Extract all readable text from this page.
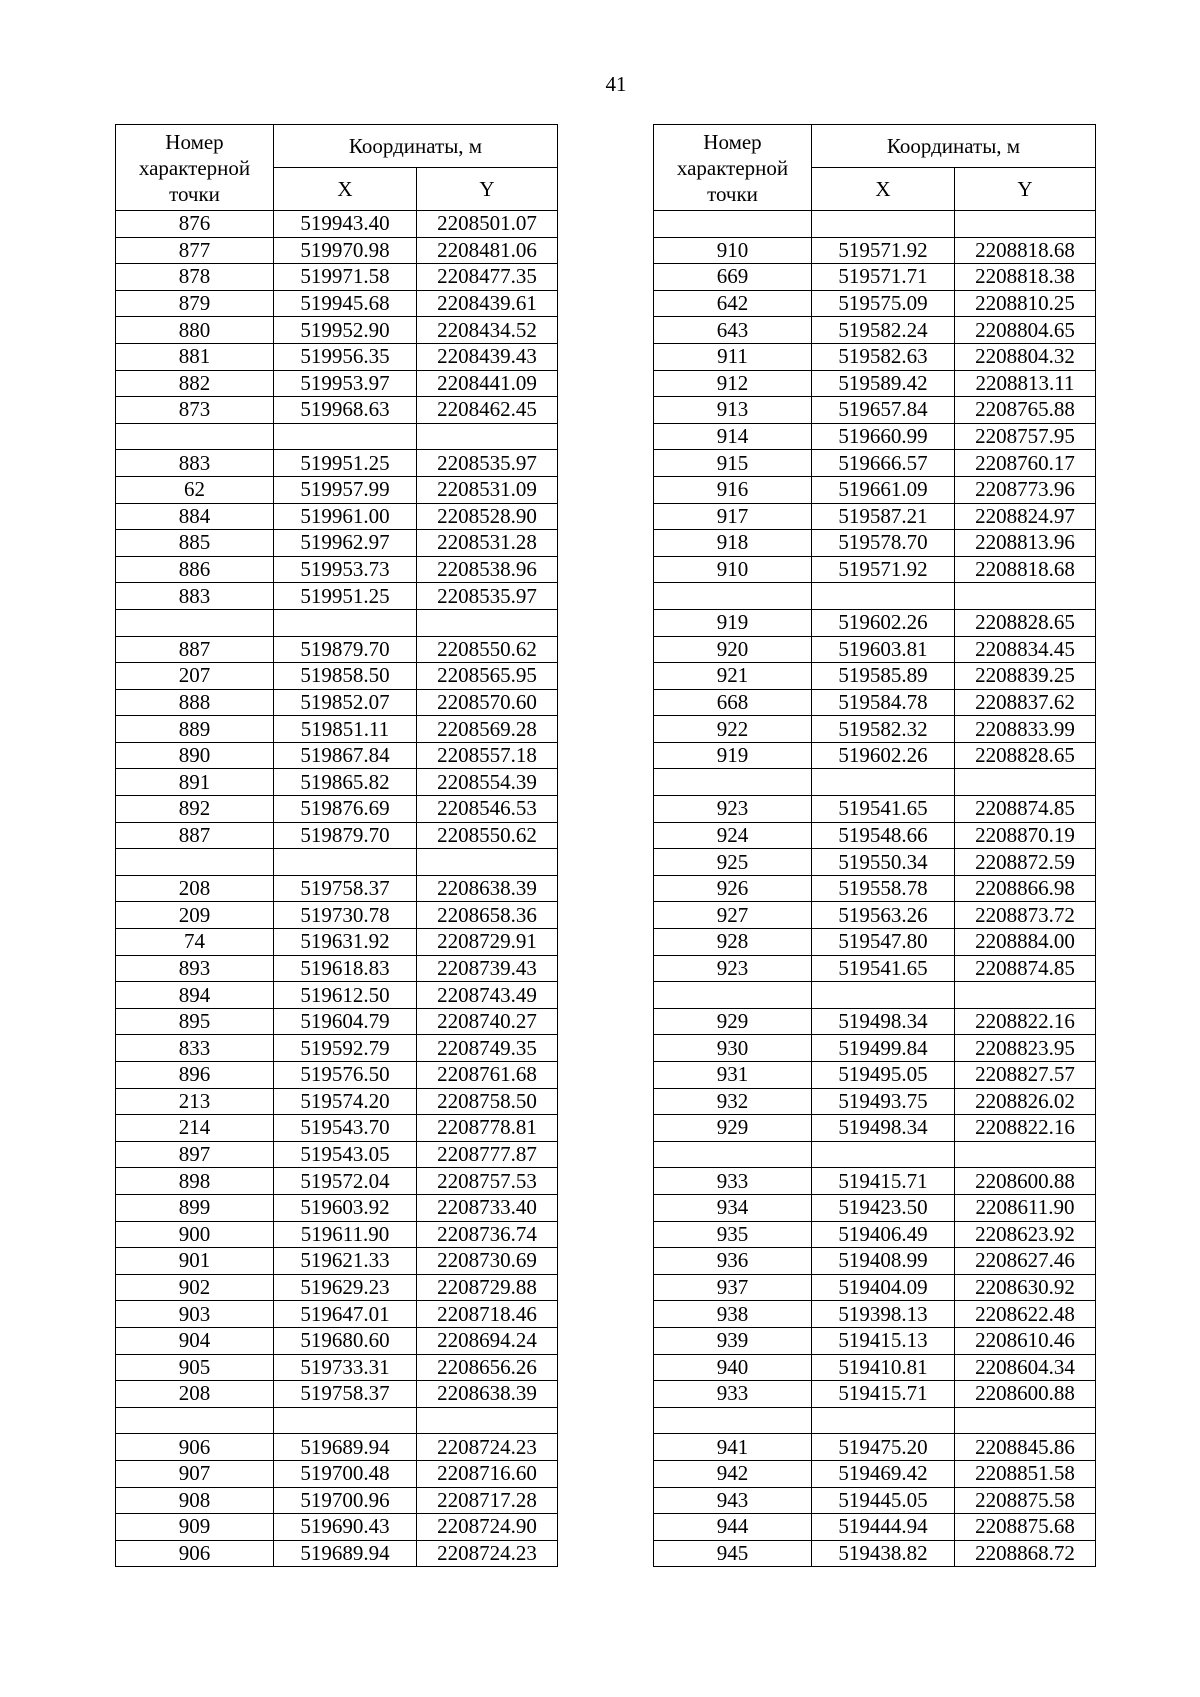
41
Номер характерной точки	Координаты, м	
	X	Y
876	519943.40	2208501.07
877	519970.98	2208481.06
878	519971.58	2208477.35
879	519945.68	2208439.61
880	519952.90	2208434.52
881	519956.35	2208439.43
882	519953.97	2208441.09
873	519968.63	2208462.45

883	519951.25	2208535.97
62	519957.99	2208531.09
884	519961.00	2208528.90
885	519962.97	2208531.28
886	519953.73	2208538.96
883	519951.25	2208535.97

887	519879.70	2208550.62
207	519858.50	2208565.95
888	519852.07	2208570.60
889	519851.11	2208569.28
890	519867.84	2208557.18
891	519865.82	2208554.39
892	519876.69	2208546.53
887	519879.70	2208550.62

208	519758.37	2208638.39
209	519730.78	2208658.36
74	519631.92	2208729.91
893	519618.83	2208739.43
894	519612.50	2208743.49
895	519604.79	2208740.27
833	519592.79	2208749.35
896	519576.50	2208761.68
213	519574.20	2208758.50
214	519543.70	2208778.81
897	519543.05	2208777.87
898	519572.04	2208757.53
899	519603.92	2208733.40
900	519611.90	2208736.74
901	519621.33	2208730.69
902	519629.23	2208729.88
903	519647.01	2208718.46
904	519680.60	2208694.24
905	519733.31	2208656.26
208	519758.37	2208638.39

906	519689.94	2208724.23
907	519700.48	2208716.60
908	519700.96	2208717.28
909	519690.43	2208724.90
906	519689.94	2208724.23
Номер характерной точки	Координаты, м	
	X	Y

910	519571.92	2208818.68
669	519571.71	2208818.38
642	519575.09	2208810.25
643	519582.24	2208804.65
911	519582.63	2208804.32
912	519589.42	2208813.11
913	519657.84	2208765.88
914	519660.99	2208757.95
915	519666.57	2208760.17
916	519661.09	2208773.96
917	519587.21	2208824.97
918	519578.70	2208813.96
910	519571.92	2208818.68

919	519602.26	2208828.65
920	519603.81	2208834.45
921	519585.89	2208839.25
668	519584.78	2208837.62
922	519582.32	2208833.99
919	519602.26	2208828.65

923	519541.65	2208874.85
924	519548.66	2208870.19
925	519550.34	2208872.59
926	519558.78	2208866.98
927	519563.26	2208873.72
928	519547.80	2208884.00
923	519541.65	2208874.85

929	519498.34	2208822.16
930	519499.84	2208823.95
931	519495.05	2208827.57
932	519493.75	2208826.02
929	519498.34	2208822.16

933	519415.71	2208600.88
934	519423.50	2208611.90
935	519406.49	2208623.92
936	519408.99	2208627.46
937	519404.09	2208630.92
938	519398.13	2208622.48
939	519415.13	2208610.46
940	519410.81	2208604.34
933	519415.71	2208600.88

941	519475.20	2208845.86
942	519469.42	2208851.58
943	519445.05	2208875.58
944	519444.94	2208875.68
945	519438.82	2208868.72
